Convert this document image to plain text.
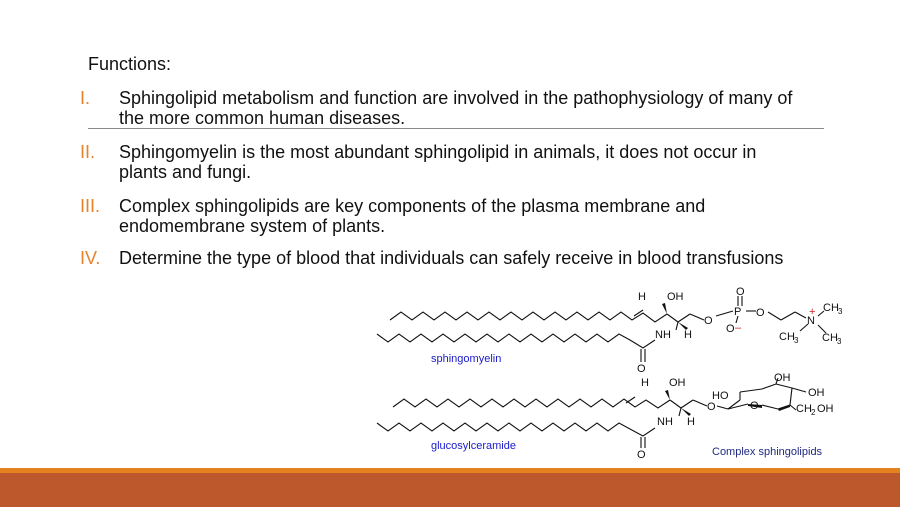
Functions:
I. Sphingolipid metabolism and function are involved in the pathophysiology of many of
the more common human diseases.
II. Sphingomyelin is the most abundant sphingolipid in animals, it does not occur in
plants and fungi.
III. Complex sphingolipids are key components of the plasma membrane and
endomembrane system of plants.
IV. Determine the type of blood that individuals can safely receive in blood transfusions
H OH
NH H
O
O
O
P
O
O
N
CH 3
CH 3 CH 3
–
+
sphingomyelin
H OH
NH H
O
O
HO
O
OH
OH
CH 2 OH
glucosylceramide	Complex sphingolipids
